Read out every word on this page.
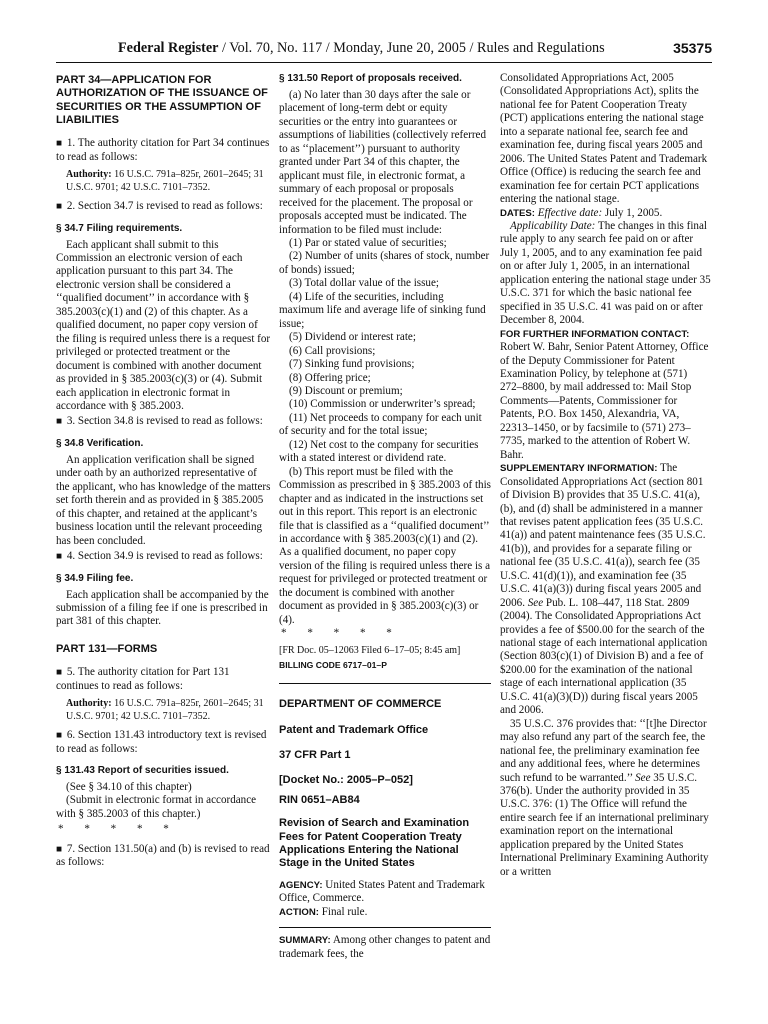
Federal Register / Vol. 70, No. 117 / Monday, June 20, 2005 / Rules and Regulations	35375

PART 34—APPLICATION FOR AUTHORIZATION OF THE ISSUANCE OF SECURITIES OR THE ASSUMPTION OF LIABILITIES

■ 1. The authority citation for Part 34 continues to read as follows:

Authority: 16 U.S.C. 791a–825r, 2601–2645; 31 U.S.C. 9701; 42 U.S.C. 7101–7352.

■ 2. Section 34.7 is revised to read as follows:

§ 34.7 Filing requirements.

Each applicant shall submit to this Commission an electronic version of each application pursuant to this part 34. The electronic version shall be considered a ‘‘qualified document’’ in accordance with § 385.2003(c)(1) and (2) of this chapter. As a qualified document, no paper copy version of the filing is required unless there is a request for privileged or protected treatment or the document is combined with another document as provided in § 385.2003(c)(3) or (4). Submit each application in electronic format in accordance with § 385.2003.

■ 3. Section 34.8 is revised to read as follows:

§ 34.8 Verification.

An application verification shall be signed under oath by an authorized representative of the applicant, who has knowledge of the matters set forth therein and as provided in § 385.2005 of this chapter, and retained at the applicant’s business location until the relevant proceeding has been concluded.

■ 4. Section 34.9 is revised to read as follows:

§ 34.9 Filing fee.

Each application shall be accompanied by the submission of a filing fee if one is prescribed in part 381 of this chapter.

PART 131—FORMS

■ 5. The authority citation for Part 131 continues to read as follows:

Authority: 16 U.S.C. 791a–825r, 2601–2645; 31 U.S.C. 9701; 42 U.S.C. 7101–7352.

■ 6. Section 131.43 introductory text is revised to read as follows:

§ 131.43 Report of securities issued.

(See § 34.10 of this chapter)

(Submit in electronic format in accordance with § 385.2003 of this chapter.)

* * * * *

■ 7. Section 131.50(a) and (b) is revised to read as follows:

§ 131.50 Report of proposals received.

(a) No later than 30 days after the sale or placement of long-term debt or equity securities or the entry into guarantees or assumptions of liabilities (collectively referred to as ‘‘placement’’) pursuant to authority granted under Part 34 of this chapter, the applicant must file, in electronic format, a summary of each proposal or proposals received for the placement. The proposal or proposals accepted must be indicated. The information to be filed must include:

(1) Par or stated value of securities;

(2) Number of units (shares of stock, number of bonds) issued;

(3) Total dollar value of the issue;

(4) Life of the securities, including maximum life and average life of sinking fund issue;

(5) Dividend or interest rate;

(6) Call provisions;

(7) Sinking fund provisions;

(8) Offering price;

(9) Discount or premium;

(10) Commission or underwriter’s spread;

(11) Net proceeds to company for each unit of security and for the total issue;

(12) Net cost to the company for securities with a stated interest or dividend rate.

(b) This report must be filed with the Commission as prescribed in § 385.2003 of this chapter and as indicated in the instructions set out in this report. This report is an electronic file that is classified as a ‘‘qualified document’’ in accordance with § 385.2003(c)(1) and (2). As a qualified document, no paper copy version of the filing is required unless there is a request for privileged or protected treatment or the document is combined with another document as provided in § 385.2003(c)(3) or (4).

* * * * *

[FR Doc. 05–12063 Filed 6–17–05; 8:45 am]

BILLING CODE 6717–01–P

DEPARTMENT OF COMMERCE

Patent and Trademark Office

37 CFR Part 1

[Docket No.: 2005–P–052]

RIN 0651–AB84

Revision of Search and Examination Fees for Patent Cooperation Treaty Applications Entering the National Stage in the United States

AGENCY: United States Patent and Trademark Office, Commerce.

ACTION: Final rule.

SUMMARY: Among other changes to patent and trademark fees, the

Consolidated Appropriations Act, 2005 (Consolidated Appropriations Act), splits the national fee for Patent Cooperation Treaty (PCT) applications entering the national stage into a separate national fee, search fee and examination fee, during fiscal years 2005 and 2006. The United States Patent and Trademark Office (Office) is reducing the search fee and examination fee for certain PCT applications entering the national stage.

DATES: Effective date: July 1, 2005.

Applicability Date: The changes in this final rule apply to any search fee paid on or after July 1, 2005, and to any examination fee paid on or after July 1, 2005, in an international application entering the national stage under 35 U.S.C. 371 for which the basic national fee specified in 35 U.S.C. 41 was paid on or after December 8, 2004.

FOR FURTHER INFORMATION CONTACT:

Robert W. Bahr, Senior Patent Attorney, Office of the Deputy Commissioner for Patent Examination Policy, by telephone at (571) 272–8800, by mail addressed to: Mail Stop Comments—Patents, Commissioner for Patents, P.O. Box 1450, Alexandria, VA, 22313–1450, or by facsimile to (571) 273–7735, marked to the attention of Robert W. Bahr.

SUPPLEMENTARY INFORMATION: The Consolidated Appropriations Act (section 801 of Division B) provides that 35 U.S.C. 41(a), (b), and (d) shall be administered in a manner that revises patent application fees (35 U.S.C. 41(a)) and patent maintenance fees (35 U.S.C. 41(b)), and provides for a separate filing or national fee (35 U.S.C. 41(a)), search fee (35 U.S.C. 41(d)(1)), and examination fee (35 U.S.C. 41(a)(3)) during fiscal years 2005 and 2006. See Pub. L. 108–447, 118 Stat. 2809 (2004). The Consolidated Appropriations Act provides a fee of $500.00 for the search of the national stage of each international application (Section 803(c)(1) of Division B) and a fee of $200.00 for the examination of the national stage of each international application (35 U.S.C. 41(a)(3)(D)) during fiscal years 2005 and 2006.

35 U.S.C. 376 provides that: ‘‘[t]he Director may also refund any part of the search fee, the national fee, the preliminary examination fee and any additional fees, where he determines such refund to be warranted.’’ See 35 U.S.C. 376(b). Under the authority provided in 35 U.S.C. 376: (1) The Office will refund the entire search fee if an international preliminary examination report on the international application prepared by the United States International Preliminary Examining Authority or a written
